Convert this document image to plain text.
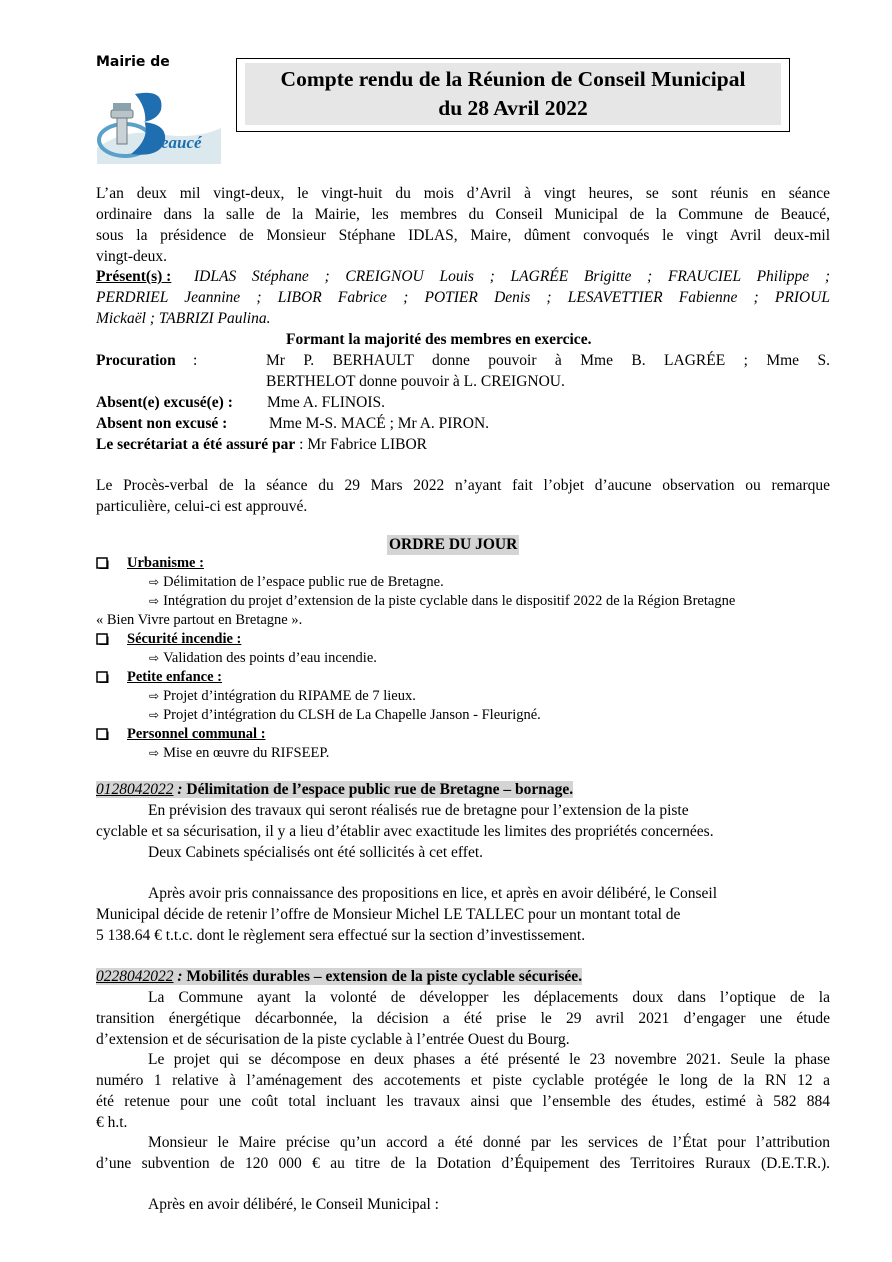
Mairie de
eaucé
Compte rendu de la Réunion de Conseil Municipal
du 28 Avril 2022
L’an deux mil vingt-deux, le vingt-huit du mois d’Avril à vingt heures, se sont réunis en séance
ordinaire dans la salle de la Mairie, les membres du Conseil Municipal de la Commune de Beaucé,
sous la présidence de Monsieur Stéphane IDLAS, Maire, dûment convoqués le vingt Avril deux-mil
vingt-deux.
Présent(s) : IDLAS Stéphane ; CREIGNOU Louis ; LAGRÉE Brigitte ; FRAUCIEL Philippe ;
PERDRIEL Jeannine ; LIBOR Fabrice ; POTIER Denis ; LESAVETTIER Fabienne ; PRIOUL
Mickaël ; TABRIZI Paulina.
Formant la majorité des membres en exercice.
Procuration :	Mr P. BERHAULT donne pouvoir à Mme B. LAGRÉE ; Mme S.
BERTHELOT donne pouvoir à L. CREIGNOU.
Absent(e) excusé(e) : Mme A. FLINOIS.
Absent non excusé :	Mme M-S. MACÉ ; Mr A. PIRON.
Le secrétariat a été assuré par : Mr Fabrice LIBOR
Le Procès-verbal de la séance du 29 Mars 2022 n’ayant fait l’objet d’aucune observation ou remarque
particulière, celui-ci est approuvé.
ORDRE DU JOUR
Urbanisme :
⇨ Délimitation de l’espace public rue de Bretagne.
⇨ Intégration du projet d’extension de la piste cyclable dans le dispositif 2022 de la Région Bretagne
« Bien Vivre partout en Bretagne ».
Sécurité incendie :
⇨ Validation des points d’eau incendie.
Petite enfance :
⇨ Projet d’intégration du RIPAME de 7 lieux.
⇨ Projet d’intégration du CLSH de La Chapelle Janson - Fleurigné.
Personnel communal :
⇨ Mise en œuvre du RIFSEEP.
0128042022 : Délimitation de l’espace public rue de Bretagne – bornage.
En prévision des travaux qui seront réalisés rue de bretagne pour l’extension de la piste
cyclable et sa sécurisation, il y a lieu d’établir avec exactitude les limites des propriétés concernées.
Deux Cabinets spécialisés ont été sollicités à cet effet.
Après avoir pris connaissance des propositions en lice, et après en avoir délibéré, le Conseil
Municipal décide de retenir l’offre de Monsieur Michel LE TALLEC pour un montant total de
5 138.64 € t.t.c. dont le règlement sera effectué sur la section d’investissement.
0228042022 : Mobilités durables – extension de la piste cyclable sécurisée.
La Commune ayant la volonté de développer les déplacements doux dans l’optique de la
transition énergétique décarbonnée, la décision a été prise le 29 avril 2021 d’engager une étude
d’extension et de sécurisation de la piste cyclable à l’entrée Ouest du Bourg.
Le projet qui se décompose en deux phases a été présenté le 23 novembre 2021. Seule la phase
numéro 1 relative à l’aménagement des accotements et piste cyclable protégée le long de la RN 12 a
été retenue pour une coût total incluant les travaux ainsi que l’ensemble des études, estimé à 582 884
€ h.t.
Monsieur le Maire précise qu’un accord a été donné par les services de l’État pour l’attribution
d’une subvention de 120 000 € au titre de la Dotation d’Équipement des Territoires Ruraux (D.E.T.R.).
Après en avoir délibéré, le Conseil Municipal :
